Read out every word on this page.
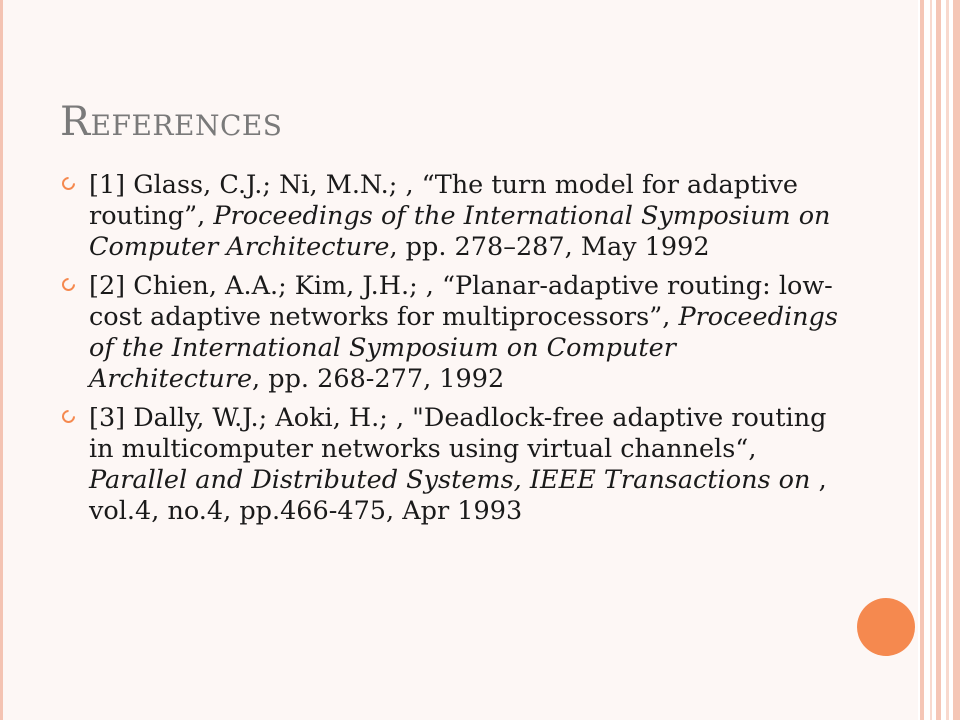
References
[1] Glass, C.J.; Ni, M.N.; , “The turn model for adaptive routing”, Proceedings of the International Symposium on Computer Architecture, pp. 278–287, May 1992
[2] Chien, A.A.; Kim, J.H.; , “Planar-adaptive routing: low-cost adaptive networks for multiprocessors”, Proceedings of the International Symposium on Computer Architecture, pp. 268-277, 1992
[3] Dally, W.J.; Aoki, H.; , "Deadlock-free adaptive routing in multicomputer networks using virtual channels“, Parallel and Distributed Systems, IEEE Transactions on , vol.4, no.4, pp.466-475, Apr 1993
